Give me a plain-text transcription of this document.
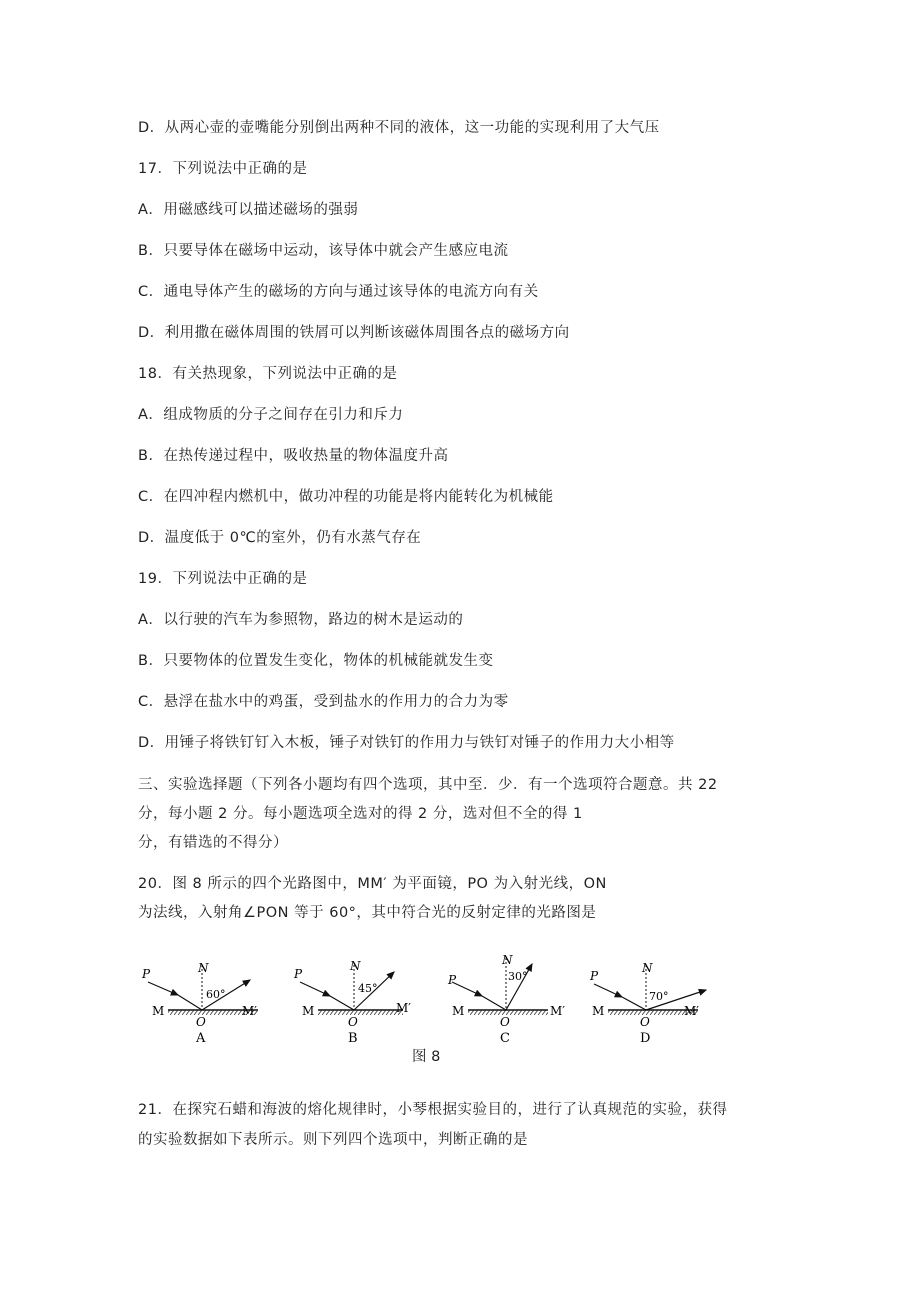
D．从两心壶的壶嘴能分别倒出两种不同的液体，这一功能的实现利用了大气压
17．下列说法中正确的是
A．用磁感线可以描述磁场的强弱
B．只要导体在磁场中运动，该导体中就会产生感应电流
C．通电导体产生的磁场的方向与通过该导体的电流方向有关
D．利用撒在磁体周围的铁屑可以判断该磁体周围各点的磁场方向
18．有关热现象，下列说法中正确的是
A．组成物质的分子之间存在引力和斥力
B．在热传递过程中，吸收热量的物体温度升高
C．在四冲程内燃机中，做功冲程的功能是将内能转化为机械能
D．温度低于 0℃的室外，仍有水蒸气存在
19．下列说法中正确的是
A．以行驶的汽车为参照物，路边的树木是运动的
B．只要物体的位置发生变化，物体的机械能就发生变
C．悬浮在盐水中的鸡蛋，受到盐水的作用力的合力为零
D．用锤子将铁钉钉入木板，锤子对铁钉的作用力与铁钉对锤子的作用力大小相等
三、实验选择题（下列各小题均有四个选项，其中至．少．有一个选项符合题意。共 22
分，每小题 2 分。每小题选项全选对的得 2 分，选对但不全的得 1
分，有错选的不得分）
20．图 8 所示的四个光路图中，MM′ 为平面镜，PO 为入射光线，ON
为法线，入射角∠PON 等于 60°，其中符合光的反射定律的光路图是
P	N
60°
M	M′
O
A
P
N
45°
M	M′
O
B
P
N
30°
M	M′
O
C
P
N
70°
M	M′
O
D
图 8
21．在探究石蜡和海波的熔化规律时，小琴根据实验目的，进行了认真规范的实验，获得
的实验数据如下表所示。则下列四个选项中，判断正确的是
